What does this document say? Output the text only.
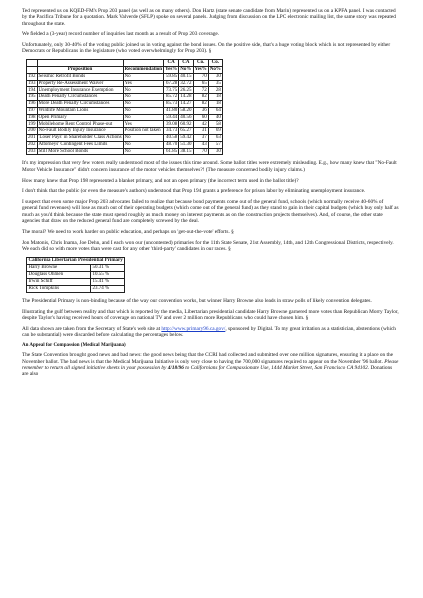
Ted represented us on KQED-FM's Prop 203 panel (as well as on many others). Don Hartz (state senate candidate from Marin) represented us on a KPFA panel. I was contacted by the Pacifica Tribune for a quotation. Mark Valverde (SFLP) spoke on several panels. Judging from discussion on the LPC electronic mailing list, the same story was repeated throughout the state.

We fielded a (3-year) record number of inquiries last month as a result of Prop 203 coverage.

Unfortunately, only 30-40% of the voting public joined us in voting against the bond issues. On the positive side, that's a huge voting block which is not represented by either Democrats or Republicans in the legislature (who voted overwhelmingly for Prop 203). §

			CA	CA	Co.	Co.
	Proposition	Recommendation	Yes%	No%	Yes%	No%
192	Seismic Retrofit Bonds	No	59.85	40.15	70	30
193	Property Re-Assessment Waiver	Yes	67.28	32.72	65	35
194	Unemployment Insurance Exemption	No	73.75	26.25	72	28
195	Death Penalty Circumstances	No	85.72	14.28	82	18
196	More Death Penalty Circumstances	No	85.73	14.27	82	18
197	Wildlife Mountain Lions	No	41.80	58.20	36	64
198	Open Primary	No	59.44	40.56	60	40
199	Mobilehome Rent Control Phase-out	Yes	39.08	60.92	42	58
200	No-Fault Bodily Injury Insurance	Position not taken	34.73	65.27	31	69
201	'Loser Pays' in Shareholder Class Actions	No	40.58	59.42	37	63
202	Attorneys' Contingent Fees Limits	No	48.70	51.30	43	57
203	Still More School Bonds	No	61.85	38.15	70	30

It's my impression that very few voters really understood most of the issues this time around. Some ballot titles were extremely misleading. E.g., how many knew that "No-Fault Motor Vehicle Insurance" didn't concern insurance of the motor vehicles themselves?! (The measure concerned bodily injury claims.)

How many knew that Prop 198 represented a blanket primary, and not an open primary (the incorrect term used in the ballot title)?

I don't think that the public (or even the measure's authors) understood that Prop 194 grants a preference for prison labor by eliminating unemployment insurance.

I suspect that even some major Prop 203 advocates failed to realize that because bond payments come out of the general fund, schools (which normally receive 40-60% of general fund revenues) will lose as much out of their operating budgets (which come out of the general fund) as they stand to gain in their capital budgets (which buy only half as much as you'd think because the state must spend roughly as much money on interest payments as on the construction projects themselves). And, of course, the other state agencies that draw on the reduced general fund are completely screwed by the deal.

The moral? We need to work harder on public education, and perhaps on 'get-out-the-vote' efforts. §

Jon Matonis, Chris Inama, Joe Dehn, and I each won our (uncontested) primaries for the 11th State Senate, 21st Assembly, 14th, and 12th Congressional Districts, respectively. We each did so with more votes than were cast for any other 'third-party' candidates in our races. §

California Libertarian Presidential Primary	
Harry Browne	50.31 %
Douglass Ohmen	10.55 %
Irwin Schiff	15.41 %
Rick Tompkins	23.74 %

The Presidential Primary is non-binding because of the way our convention works, but winner Harry Browne also leads in straw polls of likely convention delegates.

Illustrating the gulf between reality and that which is reported by the media, Libertarian presidential candidate Harry Browne garnered more votes than Republican Morry Taylor, despite Taylor's having received hours of coverage on national TV and over 2 million more Republicans who could have chosen him. §

All data shown are taken from the Secretary of State's web site at http://www.primary96.ca.gov/, sponsored by Digital. To my great irritation as a statistician, abstentions (which can be substantial) were discarded before calculating the percentages below.

An Appeal for Compassion (Medical Marijuana)

The State Convention brought good news and bad news: the good news being that the CCRI had collected and submitted over one million signatures, ensuring it a place on the November ballot. The bad news is that the Medical Marijuana Initiative is only very close to having the 700,000 signatures required to appear on the November '96 ballot. Please remember to return all signed initiative sheets in your possession by 4/18/96 to Californians for Compassionate Use, 1444 Market Street, San Francisco CA 94102. Donations are also
